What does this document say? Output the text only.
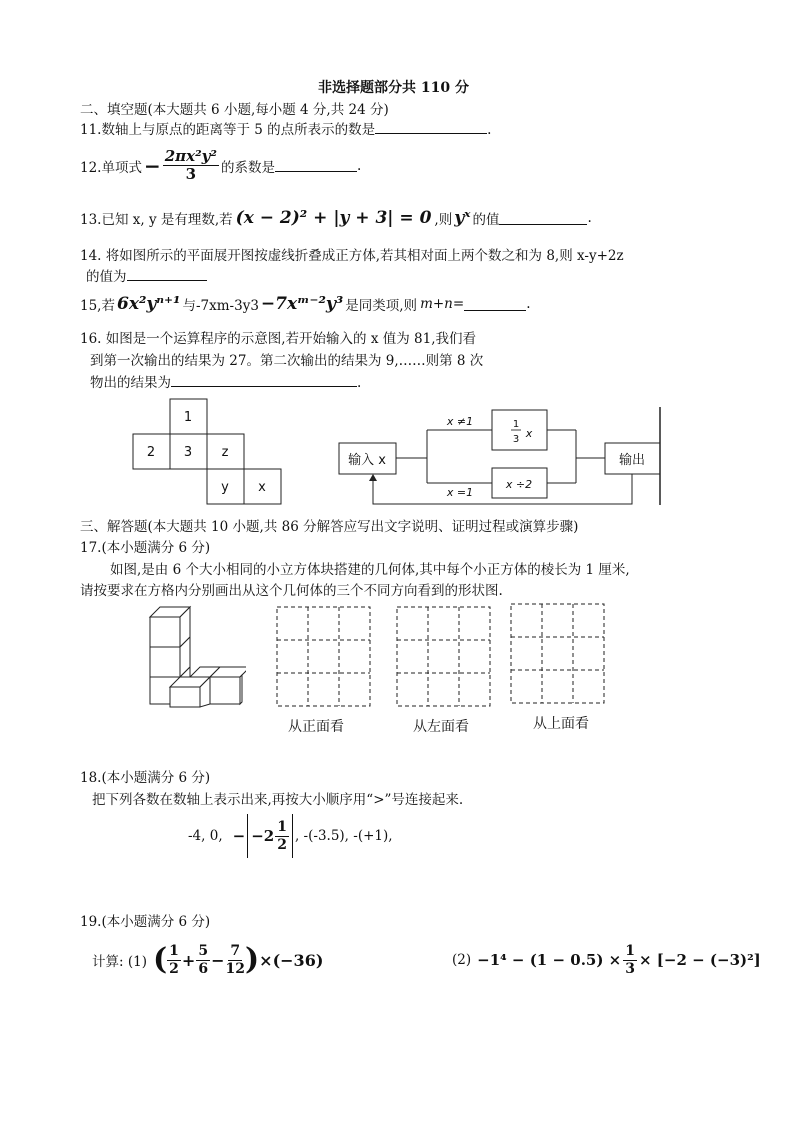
非选择题部分共 110 分
二、填空题(本大题共 6 小题,每小题 4 分,共 24 分)
11.数轴上与原点的距离等于 5 的点所表示的数是	.
12.单项式 − $\frac{\text{2πx²y²}}{3}$ 的系数是	.
13.已知 x, y 是有理数,若 (x − 2)² + |y + 3| = 0 ,则 yˣ 的值	.
14. 将如图所示的平面展开图按虚线折叠成正方体,若其相对面上两个数之和为 8,则 x-y+2z
的值为
15,若 6x²yⁿ⁺¹ 与-7xm-3y3 −7xᵐ⁻²y³ 是同类项,则 m+n=	.
16. 如图是一个运算程序的示意图,若开始输入的 x 值为 81,我们看
到第一次输出的结果为 27。第二次输出的结果为 9,……则第 8 次
物出的结果为	.
1
2 3 z
y x
输入 x	输出
x ≠1
x =1
1
3 x
x ÷2
三、解答题(本大题共 10 小题,共 86 分解答应写出文字说明、证明过程或演算步骤)
17.(本小题满分 6 分)
如图,是由 6 个大小相同的小立方体块搭建的几何体,其中每个小正方体的棱长为 1 厘米,
请按要求在方格内分别画出从这个几何体的三个不同方向看到的形状图.
从正面看	从左面看	从上面看
18.(本小题满分 6 分)
把下列各数在数轴上表示出来,再按大小顺序用“>”号连接起来.
-4, 0, − $-2 \frac{1}{2}$ , -(-3.5), -(+1),
19.(本小题满分 6 分)
计算: (1) ( $\frac{1}{2} + \frac{5}{6} - \frac{7}{12}$ ) ×(−36)	$(2) -1^4 - (1 - 0.5) \times \frac{1}{3} \times [-2 - (-3)^2]$
